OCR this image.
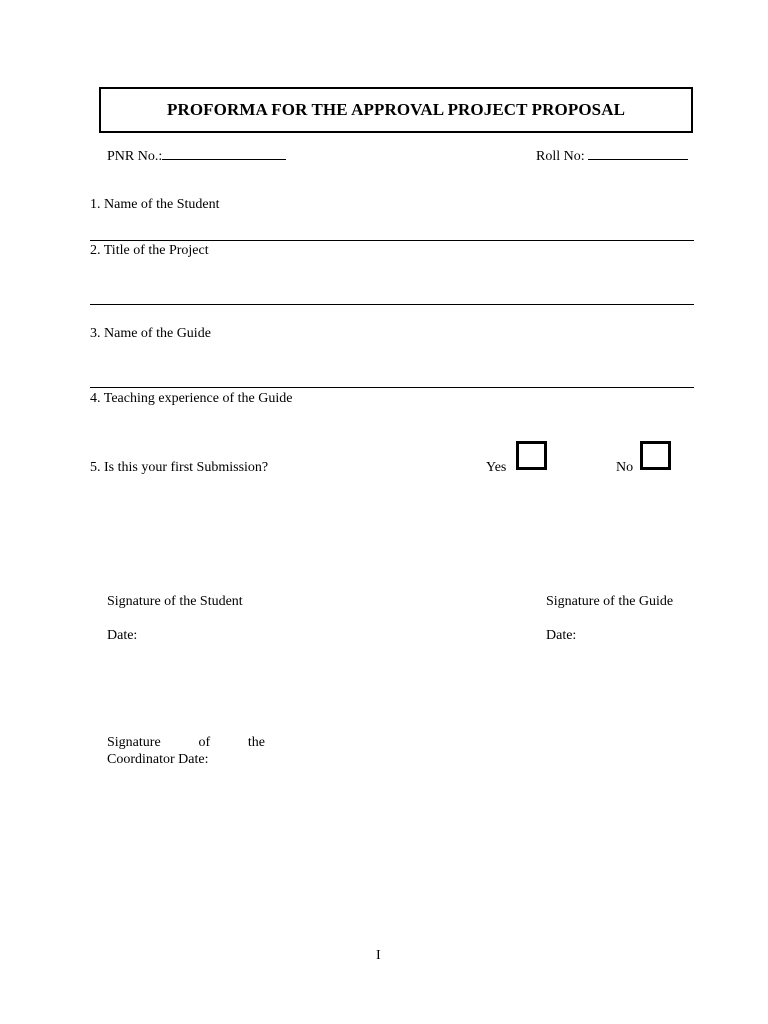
PROFORMA FOR THE APPROVAL PROJECT PROPOSAL
PNR No.:	Roll No:
1. Name of the Student
2. Title of the Project
3. Name of the Guide
4. Teaching experience of the Guide
5. Is this your first Submission?	Yes	No
Signature of the Student	Signature of the Guide
Date:	Date:
Signature	of	the
Coordinator Date:
I
